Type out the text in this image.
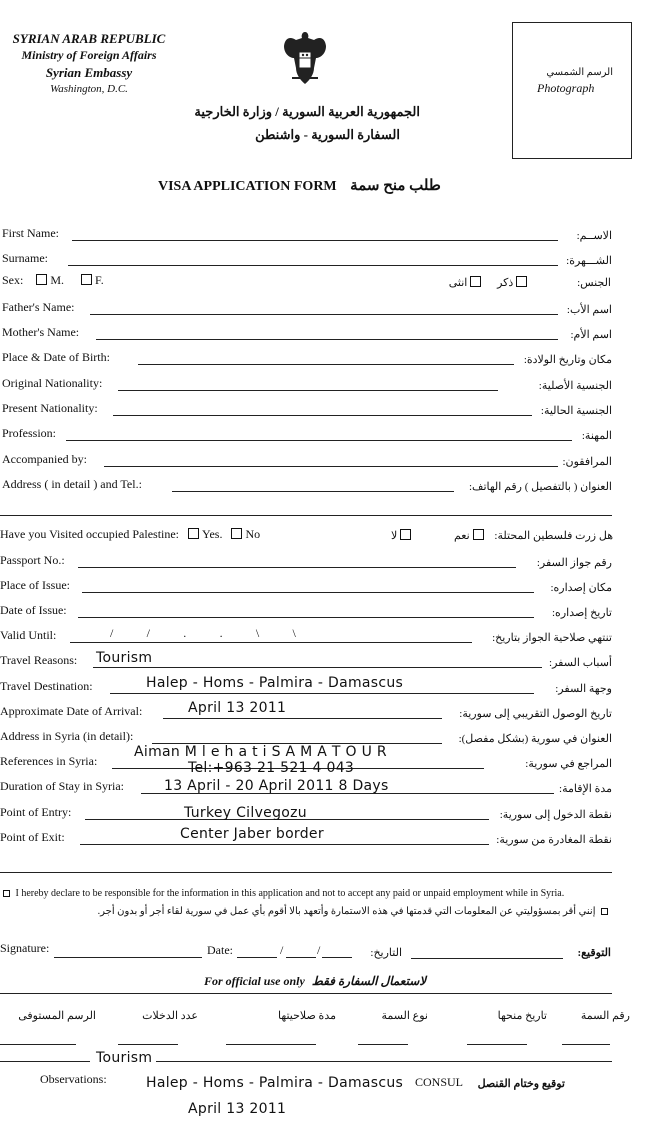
SYRIAN ARAB REPUBLIC
Ministry of Foreign Affairs
Syrian Embassy
Washington, D.C.
الجمهورية العربية السورية / وزارة الخارجية
السفارة السورية - واشنطن
الرسم الشمسي
Photograph
VISA APPLICATION FORM طلب منح سمة
First Name:	الاســم:
Surname:	الشـــهرة:
Father's Name:	اسم الأب:
Mother's Name:	اسم الأم:
Place & Date of Birth:	مكان وتاريخ الولادة:
Original Nationality:	الجنسية الأصلية:
Present Nationality:	الجنسية الحالية:
Profession:	المهنة:
Accompanied by:	المرافقون:
Address ( in detail ) and Tel.:	العنوان ( بالتفصيل ) رقم الهاتف:
Sex: M.	F.	الجنس: ذكر انثى
Have you Visited occupied Palestine: Yes. No	هل زرت فلسطين المحتلة: نعم لا
Passport No.:	رقم جواز السفر:
Place of Issue:	مكان إصداره:
Date of Issue:	تاريخ إصداره:
Valid Until:	تنتهي صلاحية الجواز بتاريخ:
/          /          .          .          \          \
Travel Reasons:	أسباب السفر:
Tourism
Travel Destination:	وجهة السفر:
Halep - Homs - Palmira - Damascus
Approximate Date of Arrival:	تاريخ الوصول التقريبي إلى سورية:
April 13 2011
Address in Syria (in detail):	العنوان في سورية (بشكل مفصل):
Aiman M l e h a t i S A M A T O U R
References in Syria:	المراجع في سورية:
Tel:+963 21 521 4 043
Duration of Stay in Syria:	مدة الإقامة:
13 April - 20 April 2011 8 Days
Point of Entry:	نقطة الدخول إلى سورية:
Turkey Cilvegozu
Point of Exit:	نقطة المغادرة من سورية:
Center Jaber border
I hereby declare to be responsible for the information in this application and not to accept any paid or unpaid employment while in Syria.
إنني أقر بمسؤوليتي عن المعلومات التي قدمتها في هذه الاستمارة وأتعهد بالا أقوم بأي عمل في سورية لقاء أجر أو بدون أجر.
Signature:	Date:	/	/	التاريخ:	التوقيع:
For official use only لاستعمال السفارة فقط
رقم السمة
تاريخ منحها
نوع السمة
مدة صلاحيتها
عدد الدخلات
الرسم المستوفى
Tourism
Observations:	Halep - Homs - Palmira - Damascus CONSUL توقيع وختام القنصل
April 13 2011
